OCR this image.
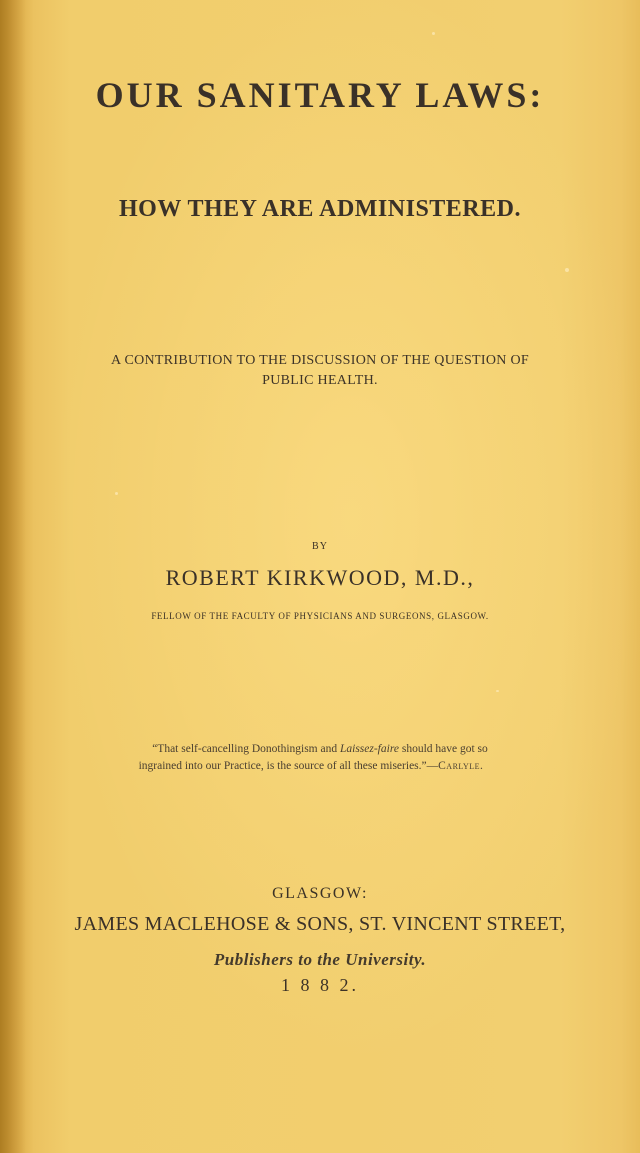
OUR SANITARY LAWS:
HOW THEY ARE ADMINISTERED.
A CONTRIBUTION TO THE DISCUSSION OF THE QUESTION OF
PUBLIC HEALTH.
BY
ROBERT KIRKWOOD, M.D.,
FELLOW OF THE FACULTY OF PHYSICIANS AND SURGEONS, GLASGOW.
“That self-cancelling Donothingism and Laissez-faire should have got so
ingrained into our Practice, is the source of all these miseries.”—Carlyle.
GLASGOW:
JAMES MACLEHOSE & SONS, ST. VINCENT STREET,
Publishers to the University.
1 8 8 2.
